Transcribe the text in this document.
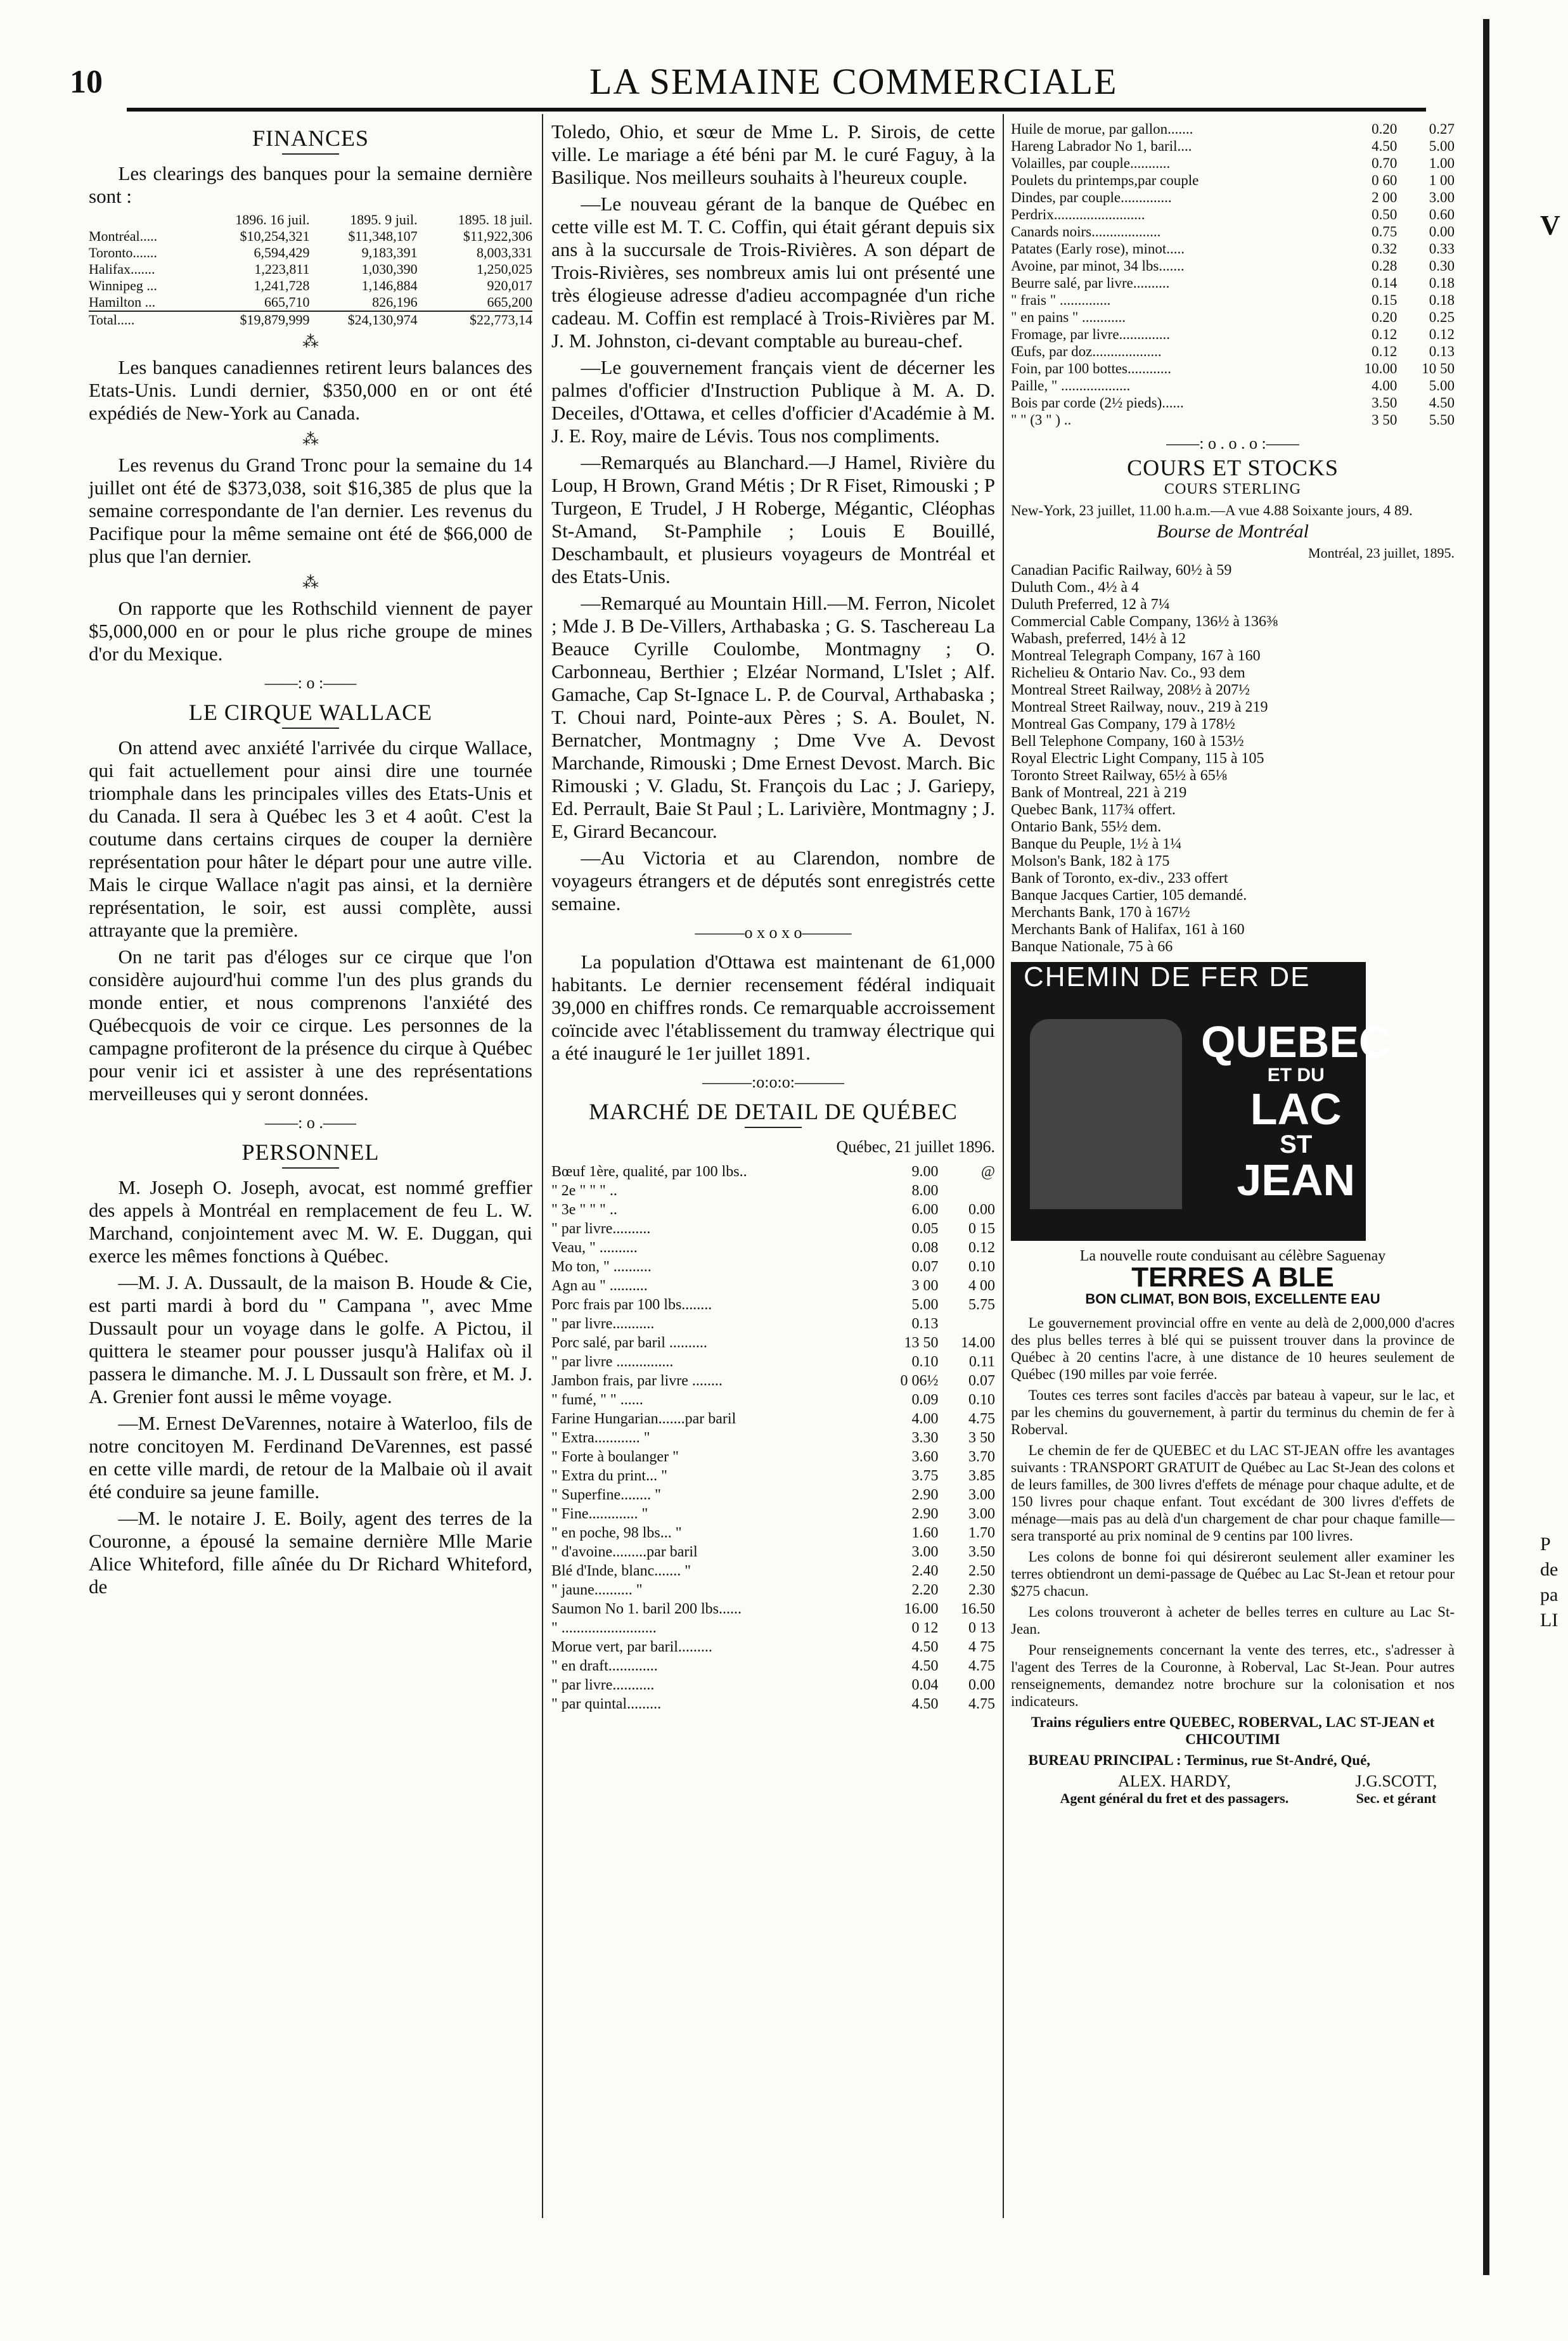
10	LA SEMAINE COMMERCIALE
FINANCES

Les clearings des banques pour la semaine dernière sont :

	1896. 16 juil.	1895. 9 juil.	1895. 18 juil.
Montréal.....	$10,254,321	$11,348,107	$11,922,306
Toronto.......	6,594,429	9,183,391	8,003,331
Halifax.......	1,223,811	1,030,390	1,250,025
Winnipeg ...	1,241,728	1,146,884	920,017
Hamilton ...	665,710	826,196	665,200
Total.....	$19,879,999	$24,130,974	$22,773,14
⁂

Les banques canadiennes retirent leurs balances des Etats-Unis. Lundi dernier, $350,000 en or ont été expédiés de New-York au Canada.

⁂

Les revenus du Grand Tronc pour la semaine du 14 juillet ont été de $373,038, soit $16,385 de plus que la semaine correspondante de l'an dernier. Les revenus du Pacifique pour la même semaine ont été de $66,000 de plus que l'an dernier.

⁂

On rapporte que les Rothschild viennent de payer $5,000,000 en or pour le plus riche groupe de mines d'or du Mexique.

——: o :——
LE CIRQUE WALLACE

On attend avec anxiété l'arrivée du cirque Wallace, qui fait actuellement pour ainsi dire une tournée triomphale dans les principales villes des Etats-Unis et du Canada. Il sera à Québec les 3 et 4 août. C'est la coutume dans certains cirques de couper la dernière représentation pour hâter le départ pour une autre ville. Mais le cirque Wallace n'agit pas ainsi, et la dernière représentation, le soir, est aussi complète, aussi attrayante que la première.

On ne tarit pas d'éloges sur ce cirque que l'on considère aujourd'hui comme l'un des plus grands du monde entier, et nous comprenons l'anxiété des Québecquois de voir ce cirque. Les personnes de la campagne profiteront de la présence du cirque à Québec pour venir ici et assister à une des représentations merveilleuses qui y seront données.

——: o .——
PERSONNEL

M. Joseph O. Joseph, avocat, est nommé greffier des appels à Montréal en remplacement de feu L. W. Marchand, conjointement avec M. W. E. Duggan, qui exerce les mêmes fonctions à Québec.

—M. J. A. Dussault, de la maison B. Houde & Cie, est parti mardi à bord du " Campana ", avec Mme Dussault pour un voyage dans le golfe. A Pictou, il quittera le steamer pour pousser jusqu'à Halifax où il passera le dimanche. M. J. L Dussault son frère, et M. J. A. Grenier font aussi le même voyage.

—M. Ernest DeVarennes, notaire à Waterloo, fils de notre concitoyen M. Ferdinand DeVarennes, est passé en cette ville mardi, de retour de la Malbaie où il avait été conduire sa jeune famille.

—M. le notaire J. E. Boily, agent des terres de la Couronne, a épousé la semaine dernière Mlle Marie Alice Whiteford, fille aînée du Dr Richard Whiteford, de

Toledo, Ohio, et sœur de Mme L. P. Sirois, de cette ville. Le mariage a été béni par M. le curé Faguy, à la Basilique. Nos meilleurs souhaits à l'heureux couple.

—Le nouveau gérant de la banque de Québec en cette ville est M. T. C. Coffin, qui était gérant depuis six ans à la succursale de Trois-Rivières. A son départ de Trois-Rivières, ses nombreux amis lui ont présenté une très élogieuse adresse d'adieu accompagnée d'un riche cadeau. M. Coffin est remplacé à Trois-Rivières par M. J. M. Johnston, ci-devant comptable au bureau-chef.

—Le gouvernement français vient de décerner les palmes d'officier d'Instruction Publique à M. A. D. Deceiles, d'Ottawa, et celles d'officier d'Académie à M. J. E. Roy, maire de Lévis. Tous nos compliments.

—Remarqués au Blanchard.—J Hamel, Rivière du Loup, H Brown, Grand Métis ; Dr R Fiset, Rimouski ; P Turgeon, E Trudel, J H Roberge, Mégantic, Cléophas St-Amand, St-Pamphile ; Louis E Bouillé, Deschambault, et plusieurs voyageurs de Montréal et des Etats-Unis.

—Remarqué au Mountain Hill.—M. Ferron, Nicolet ; Mde J. B De-Villers, Arthabaska ; G. S. Taschereau La Beauce Cyrille Coulombe, Montmagny ; O. Carbonneau, Berthier ; Elzéar Normand, L'Islet ; Alf. Gamache, Cap St-Ignace L. P. de Courval, Arthabaska ; T. Choui nard, Pointe-aux Pères ; S. A. Boulet, N. Bernatcher, Montmagny ; Dme Vve A. Devost Marchande, Rimouski ; Dme Ernest Devost. March. Bic Rimouski ; V. Gladu, St. François du Lac ; J. Gariepy, Ed. Perrault, Baie St Paul ; L. Larivière, Montmagny ; J. E, Girard Becancour.

—Au Victoria et au Clarendon, nombre de voyageurs étrangers et de députés sont enregistrés cette semaine.

———o x o x o———

La population d'Ottawa est maintenant de 61,000 habitants. Le dernier recensement fédéral indiquait 39,000 en chiffres ronds. Ce remarquable accroissement coïncide avec l'établissement du tramway électrique qui a été inauguré le 1er juillet 1891.

———:o:o:o:———
MARCHÉ DE DETAIL DE QUÉBEC
Québec, 21 juillet 1896.
Bœuf 1ère, qualité, par 100 lbs..	9.00	@
" 2e " " " ..	8.00	
" 3e " " " ..	6.00	0.00
" par livre..........	0.05	0 15
Veau, " ..........	0.08	0.12
Mo ton, " ..........	0.07	0.10
Agn au " ..........	3 00	4 00
Porc frais par 100 lbs........	5.00	5.75
" par livre...........	0.13	
Porc salé, par baril ..........	13 50	14.00
" par livre ...............	0.10	0.11
Jambon frais, par livre ........	0 06½	0.07
" fumé, " " ......	0.09	0.10
Farine Hungarian.......par baril	4.00	4.75
" Extra............ "	3.30	3 50
" Forte à boulanger "	3.60	3.70
" Extra du print... "	3.75	3.85
" Superfine........ "	2.90	3.00
" Fine............. "	2.90	3.00
" en poche, 98 lbs... "	1.60	1.70
" d'avoine.........par baril	3.00	3.50
Blé d'Inde, blanc....... "	2.40	2.50
" jaune.......... "	2.20	2.30
Saumon No 1. baril 200 lbs......	16.00	16.50
" .........................	0 12	0 13
Morue vert, par baril.........	4.50	4 75
" en draft.............	4.50	4.75
" par livre...........	0.04	0.00
" par quintal.........	4.50	4.75
Huile de morue, par gallon.......	0.20	0.27
Hareng Labrador No 1, baril....	4.50	5.00
Volailles, par couple...........	0.70	1.00
Poulets du printemps,par couple	0 60	1 00
Dindes, par couple..............	2 00	3.00
Perdrix.........................	0.50	0.60
Canards noirs...................	0.75	0.00
Patates (Early rose), minot.....	0.32	0.33
Avoine, par minot, 34 lbs.......	0.28	0.30
Beurre salé, par livre..........	0.14	0.18
" frais " ..............	0.15	0.18
" en pains " ............	0.20	0.25
Fromage, par livre..............	0.12	0.12
Œufs, par doz...................	0.12	0.13
Foin, par 100 bottes............	10.00	10 50
Paille, " ...................	4.00	5.00
Bois par corde (2½ pieds)......	3.50	4.50
" " (3 " ) ..	3 50	5.50
——: o . o . o :——
COURS ET STOCKS
COURS STERLING

New-York, 23 juillet, 11.00 h.a.m.—A vue 4.88 Soixante jours, 4 89.

Bourse de Montréal
Montréal, 23 juillet, 1895.
Canadian Pacific Railway, 60½ à 59
Duluth Com., 4½ à 4
Duluth Preferred, 12 à 7¼
Commercial Cable Company, 136½ à 136⅜
Wabash, preferred, 14½ à 12
Montreal Telegraph Company, 167 à 160
Richelieu & Ontario Nav. Co., 93 dem
Montreal Street Railway, 208½ à 207½
Montreal Street Railway, nouv., 219 à 219
Montreal Gas Company, 179 à 178½
Bell Telephone Company, 160 à 153½
Royal Electric Light Company, 115 à 105
Toronto Street Railway, 65½ à 65⅛
Bank of Montreal, 221 à 219
Quebec Bank, 117¾ offert.
Ontario Bank, 55½ dem.
Banque du Peuple, 1½ à 1¼
Molson's Bank, 182 à 175
Bank of Toronto, ex-div., 233 offert
Banque Jacques Cartier, 105 demandé.
Merchants Bank, 170 à 167½
Merchants Bank of Halifax, 161 à 160
Banque Nationale, 75 à 66
CHEMIN DE FER DE
QUEBEC
ET DU
LAC
ST
JEAN
La nouvelle route conduisant au célèbre Saguenay
TERRES A BLE
BON CLIMAT, BON BOIS, EXCELLENTE EAU

Le gouvernement provincial offre en vente au delà de 2,000,000 d'acres des plus belles terres à blé qui se puissent trouver dans la province de Québec à 20 centins l'acre, à une distance de 10 heures seulement de Québec (190 milles par voie ferrée.

Toutes ces terres sont faciles d'accès par bateau à vapeur, sur le lac, et par les chemins du gouvernement, à partir du terminus du chemin de fer à Roberval.

Le chemin de fer de QUEBEC et du LAC ST-JEAN offre les avantages suivants : TRANSPORT GRATUIT de Québec au Lac St-Jean des colons et de leurs familles, de 300 livres d'effets de ménage pour chaque adulte, et de 150 livres pour chaque enfant. Tout excédant de 300 livres d'effets de ménage—mais pas au delà d'un chargement de char pour chaque famille—sera transporté au prix nominal de 9 centins par 100 livres.

Les colons de bonne foi qui désireront seulement aller examiner les terres obtiendront un demi-passage de Québec au Lac St-Jean et retour pour $275 chacun.

Les colons trouveront à acheter de belles terres en culture au Lac St-Jean.

Pour renseignements concernant la vente des terres, etc., s'adresser à l'agent des Terres de la Couronne, à Roberval, Lac St-Jean. Pour autres renseignements, demandez notre brochure sur la colonisation et nos indicateurs.

Trains réguliers entre QUEBEC, ROBERVAL, LAC ST-JEAN et CHICOUTIMI

BUREAU PRINCIPAL : Terminus, rue St-André, Qué,

ALEX. HARDY,	J.G.SCOTT,
Agent général du fret et des passagers.	Sec. et gérant
V
P
de
pa
LI
